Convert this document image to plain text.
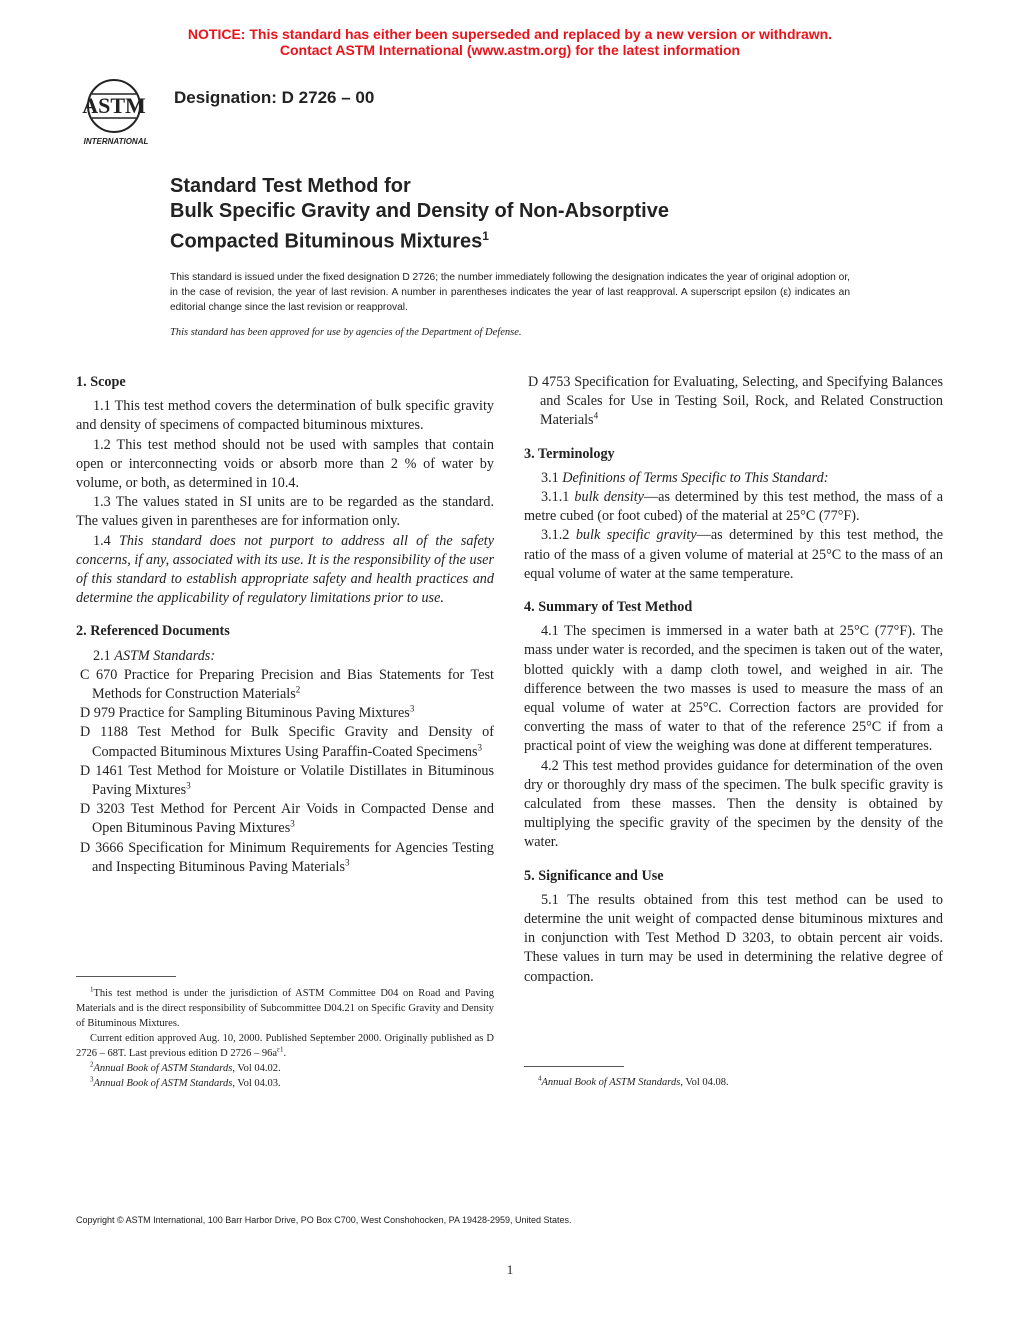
NOTICE: This standard has either been superseded and replaced by a new version or withdrawn.
Contact ASTM International (www.astm.org) for the latest information
ASTM
INTERNATIONAL
Designation: D 2726 – 00
Standard Test Method for
Bulk Specific Gravity and Density of Non-Absorptive
Compacted Bituminous Mixtures$^1$
This standard is issued under the fixed designation D 2726; the number immediately following the designation indicates the year of original adoption or, in the case of revision, the year of last revision. A number in parentheses indicates the year of last reapproval. A superscript epsilon (ε) indicates an editorial change since the last revision or reapproval.
This standard has been approved for use by agencies of the Department of Defense.

1. Scope

1.1 This test method covers the determination of bulk specific gravity and density of specimens of compacted bituminous mixtures.

1.2 This test method should not be used with samples that contain open or interconnecting voids or absorb more than 2 % of water by volume, or both, as determined in 10.4.

1.3 The values stated in SI units are to be regarded as the standard. The values given in parentheses are for information only.

1.4 This standard does not purport to address all of the safety concerns, if any, associated with its use. It is the responsibility of the user of this standard to establish appropriate safety and health practices and determine the applicability of regulatory limitations prior to use.

2. Referenced Documents

2.1 ASTM Standards:

C 670 Practice for Preparing Precision and Bias Statements for Test Methods for Construction Materials$^2$

D 979 Practice for Sampling Bituminous Paving Mixtures$^3$

D 1188 Test Method for Bulk Specific Gravity and Density of Compacted Bituminous Mixtures Using Paraffin-Coated Specimens$^3$

D 1461 Test Method for Moisture or Volatile Distillates in Bituminous Paving Mixtures$^3$

D 3203 Test Method for Percent Air Voids in Compacted Dense and Open Bituminous Paving Mixtures$^3$

D 3666 Specification for Minimum Requirements for Agencies Testing and Inspecting Bituminous Paving Materials$^3$

$^1$This test method is under the jurisdiction of ASTM Committee D04 on Road and Paving Materials and is the direct responsibility of Subcommittee D04.21 on Specific Gravity and Density of Bituminous Mixtures.

Current edition approved Aug. 10, 2000. Published September 2000. Originally published as D 2726 – 68T. Last previous edition D $2726 - 96a^{\varepsilon 1}$.

$^2$Annual Book of ASTM Standards, Vol 04.02.

$^3$Annual Book of ASTM Standards, Vol 04.03.

D 4753 Specification for Evaluating, Selecting, and Specifying Balances and Scales for Use in Testing Soil, Rock, and Related Construction Materials$^4$

3. Terminology

3.1 Definitions of Terms Specific to This Standard:

3.1.1 bulk density—as determined by this test method, the mass of a metre cubed (or foot cubed) of the material at 25°C (77°F).

3.1.2 bulk specific gravity—as determined by this test method, the ratio of the mass of a given volume of material at 25°C to the mass of an equal volume of water at the same temperature.

4. Summary of Test Method

4.1 The specimen is immersed in a water bath at 25°C (77°F). The mass under water is recorded, and the specimen is taken out of the water, blotted quickly with a damp cloth towel, and weighed in air. The difference between the two masses is used to measure the mass of an equal volume of water at 25°C. Correction factors are provided for converting the mass of water to that of the reference 25°C if from a practical point of view the weighing was done at different temperatures.

4.2 This test method provides guidance for determination of the oven dry or thoroughly dry mass of the specimen. The bulk specific gravity is calculated from these masses. Then the density is obtained by multiplying the specific gravity of the specimen by the density of the water.

5. Significance and Use

5.1 The results obtained from this test method can be used to determine the unit weight of compacted dense bituminous mixtures and in conjunction with Test Method D 3203, to obtain percent air voids. These values in turn may be used in determining the relative degree of compaction.

$^4$Annual Book of ASTM Standards, Vol 04.08.

Copyright © ASTM International, 100 Barr Harbor Drive, PO Box C700, West Conshohocken, PA 19428-2959, United States.
1
